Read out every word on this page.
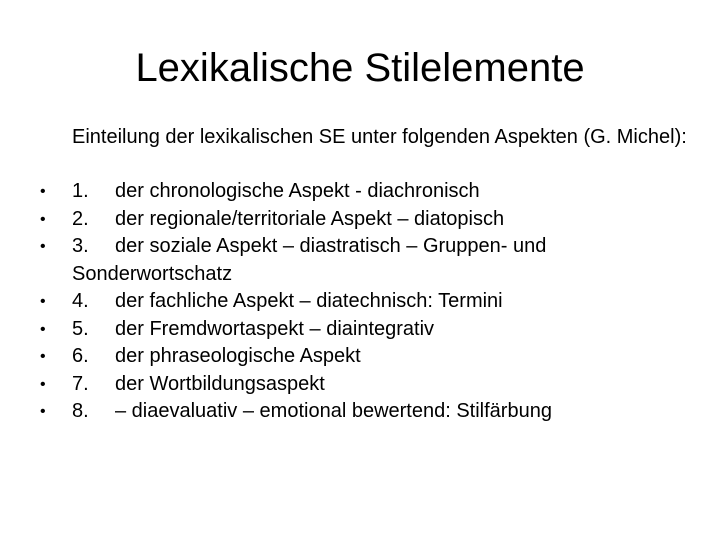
Lexikalische Stilelemente

Einteilung der lexikalischen SE unter folgenden Aspekten (G. Michel):

•	1. der chronologische Aspekt - diachronisch
•	2. der regionale/territoriale Aspekt – diatopisch
•	3. der soziale Aspekt – diastratisch – Gruppen- und Sonderwortschatz
•	4. der fachliche Aspekt – diatechnisch: Termini
•	5. der Fremdwortaspekt – diaintegrativ
•	6. der phraseologische Aspekt
•	7. der Wortbildungsaspekt
•	8. – diaevaluativ – emotional bewertend: Stilfärbung
